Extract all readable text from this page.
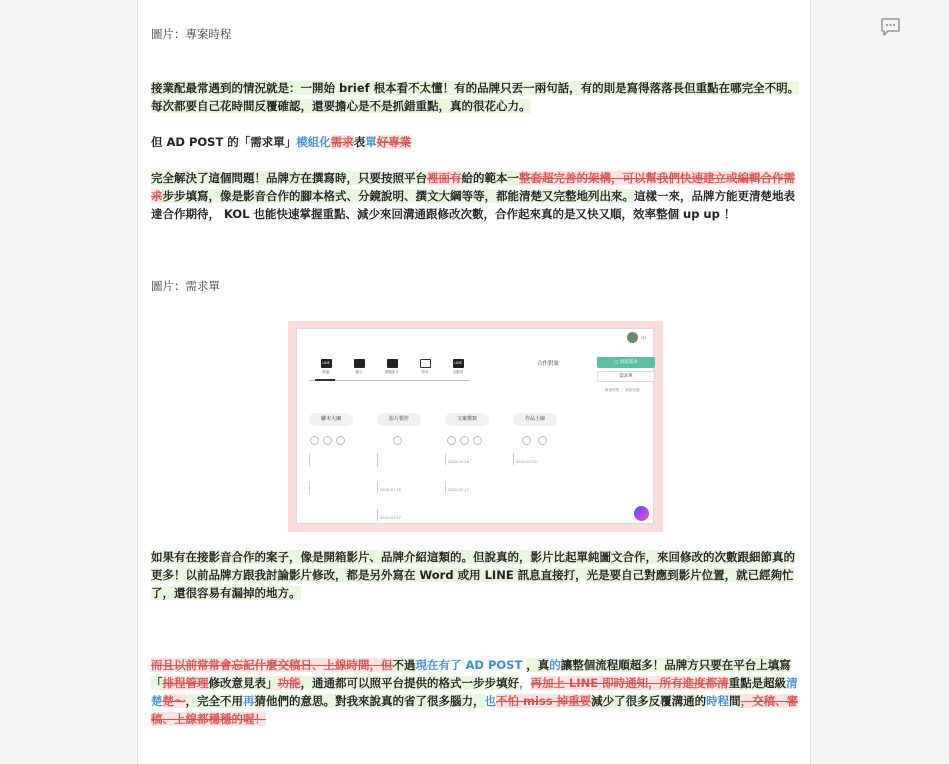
圖片：專案時程
接業配最常遇到的情況就是：一開始 brief 根本看不太懂！有的品牌只丟一兩句話，有的則是寫得落落長但重點在哪完全不明。每次都要自己花時間反覆確認，還要擔心是不是抓錯重點，真的很花心力。
但 AD POST 的「需求單」模組化需求表單好專業
完全解決了這個問題！品牌方在撰寫時，只要按照平台裡面有給的範本一整套超完善的架構，可以幫我們快速建立或編輯合作需求步步填寫，像是影音合作的腳本格式、分鏡說明、撰文大綱等等，都能清楚又完整地列出來。這樣一來，品牌方能更清楚地表達合作期待， KOL 也能快速掌握重點、減少來回溝通跟修改次數，合作起來真的是又快又順，效率整個 up up ！
圖片：需求單
中
LINE
貼圖	圖文	開箱影片	影音
LINE
活動頁
合作對象	□ 發起需求
需求單
最後時程 ｜ 最新狀態
腳本大綱	影片製作	文案撰寫	作品上線

2025-07-16	2025-07-22

2025-07-16	2025-07-17

2025-07-17
如果有在接影音合作的案子，像是開箱影片、品牌介紹這類的。但說真的，影片比起單純圖文合作，來回修改的次數跟細節真的更多！以前品牌方跟我討論影片修改，都是另外寫在 Word 或用 LINE 訊息直接打，光是要自己對應到影片位置，就已經夠忙了，還很容易有漏掉的地方。
而且以前常常會忘記什麼交稿日、上線時間，但不過現在有了 AD POST ，真的讓整個流程順超多！品牌方只要在平台上填寫「排程管理修改意見表」功能，通通都可以照平台提供的格式一步步填好，再加上 LINE 即時通知，所有進度都清重點是超級清楚楚～，完全不用再猜他們的意思。對我來說真的省了很多腦力，也不怕 miss 掉重要減少了很多反覆溝通的時程間，交稿、審稿、上線都穩穩的喔！
